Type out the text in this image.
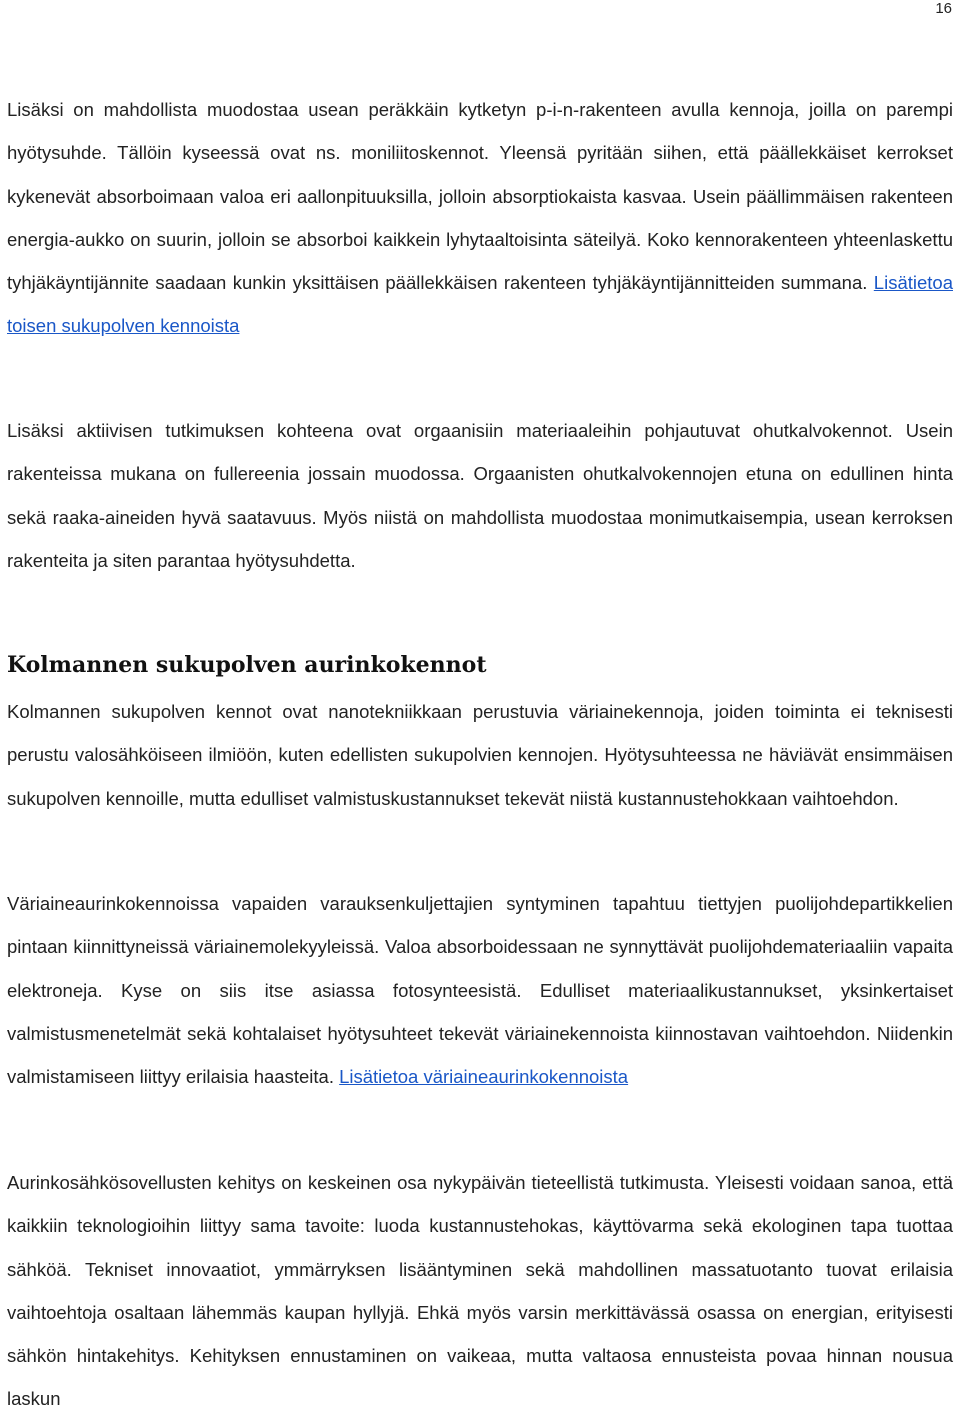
16

Lisäksi on mahdollista muodostaa usean peräkkäin kytketyn p-i-n-rakenteen avulla kennoja, joilla on parempi hyötysuhde. Tällöin kyseessä ovat ns. moniliitoskennot. Yleensä pyritään siihen, että päällekkäiset kerrokset kykenevät absorboimaan valoa eri aallonpituuksilla, jolloin absorptiokaista kasvaa. Usein päällimmäisen rakenteen energia-aukko on suurin, jolloin se absorboi kaikkein lyhytaaltoisinta säteilyä. Koko kennorakenteen yhteenlaskettu tyhjäkäyntijännite saadaan kunkin yksittäisen päällekkäisen rakenteen tyhjäkäyntijännitteiden summana. Lisätietoa toisen sukupolven kennoista

Lisäksi aktiivisen tutkimuksen kohteena ovat orgaanisiin materiaaleihin pohjautuvat ohutkalvokennot. Usein rakenteissa mukana on fullereenia jossain muodossa. Orgaanisten ohutkalvokennojen etuna on edullinen hinta sekä raaka-aineiden hyvä saatavuus. Myös niistä on mahdollista muodostaa monimutkaisempia, usean kerroksen rakenteita ja siten parantaa hyötysuhdetta.

Kolmannen sukupolven aurinkokennot

Kolmannen sukupolven kennot ovat nanotekniikkaan perustuvia väriainekennoja, joiden toiminta ei teknisesti perustu valosähköiseen ilmiöön, kuten edellisten sukupolvien kennojen. Hyötysuhteessa ne häviävät ensimmäisen sukupolven kennoille, mutta edulliset valmistuskustannukset tekevät niistä kustannustehokkaan vaihtoehdon.

Väriaineaurinkokennoissa vapaiden varauksenkuljettajien syntyminen tapahtuu tiettyjen puolijohdepartikkelien pintaan kiinnittyneissä väriainemolekyyleissä. Valoa absorboidessaan ne synnyttävät puolijohdemateriaaliin vapaita elektroneja. Kyse on siis itse asiassa fotosynteesistä. Edulliset materiaalikustannukset, yksinkertaiset valmistusmenetelmät sekä kohtalaiset hyötysuhteet tekevät väriainekennoista kiinnostavan vaihtoehdon. Niidenkin valmistamiseen liittyy erilaisia haasteita. Lisätietoa väriaineaurinkokennoista

Aurinkosähkösovellusten kehitys on keskeinen osa nykypäivän tieteellistä tutkimusta. Yleisesti voidaan sanoa, että kaikkiin teknologioihin liittyy sama tavoite: luoda kustannustehokas, käyttövarma sekä ekologinen tapa tuottaa sähköä. Tekniset innovaatiot, ymmärryksen lisääntyminen sekä mahdollinen massatuotanto tuovat erilaisia vaihtoehtoja osaltaan lähemmäs kaupan hyllyjä. Ehkä myös varsin merkittävässä osassa on energian, erityisesti sähkön hintakehitys. Kehityksen ennustaminen on vaikeaa, mutta valtaosa ennusteista povaa hinnan nousua laskun
